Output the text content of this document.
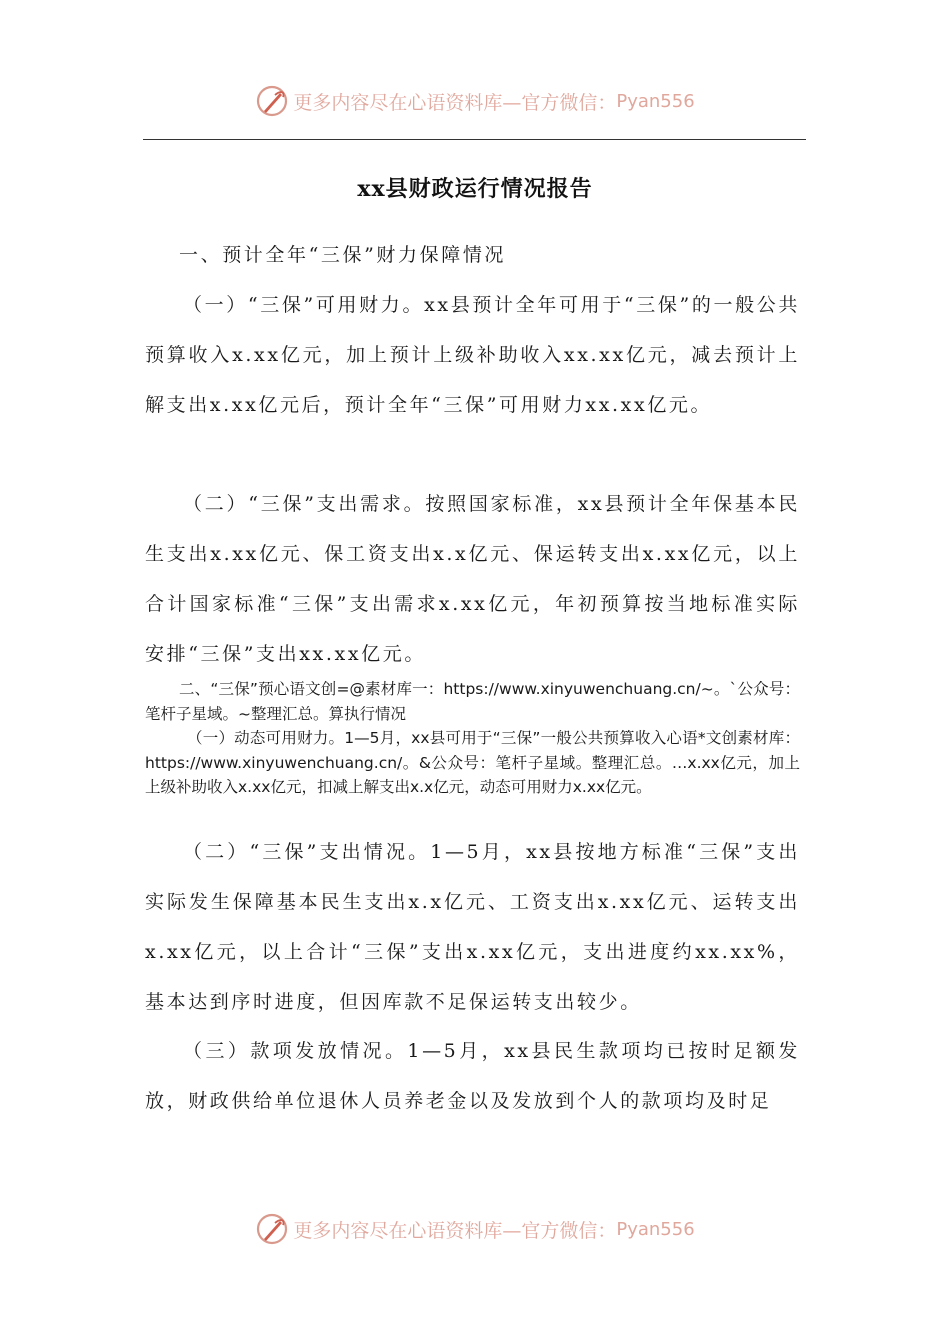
更多内容尽在心语资料库—官方微信： Pyan556
xx县财政运行情况报告

一、预计全年“三保”财力保障情况

（一）“三保”可用财力。xx县预计全年可用于“三保”的一般公共预算收入x.xx亿元，加上预计上级补助收入xx.xx亿元，减去预计上解支出x.xx亿元后，预计全年“三保”可用财力xx.xx亿元。

（二）“三保”支出需求。按照国家标准，xx县预计全年保基本民生支出x.xx亿元、保工资支出x.x亿元、保运转支出x.xx亿元，以上合计国家标准“三保”支出需求x.xx亿元，年初预算按当地标准实际安排“三保”支出xx.xx亿元。

二、“三保”预心语文创=@素材库一：https://www.xinyuwenchuang.cn/~。`公众号：笔杆子星域。~整理汇总。算执行情况

（一）动态可用财力。1—5月，xx县可用于“三保”一般公共预算收入心语*文创素材库：https://www.xinyuwenchuang.cn/。&公众号：笔杆子星域。整理汇总。…x.xx亿元，加上上级补助收入x.xx亿元，扣减上解支出x.x亿元，动态可用财力x.xx亿元。

（二）“三保”支出情况。1—5月，xx县按地方标准“三保”支出实际发生保障基本民生支出x.x亿元、工资支出x.xx亿元、运转支出x.xx亿元，以上合计“三保”支出x.xx亿元，支出进度约xx.xx%，基本达到序时进度，但因库款不足保运转支出较少。

（三）款项发放情况。1—5月，xx县民生款项均已按时足额发放，财政供给单位退休人员养老金以及发放到个人的款项均及时足

更多内容尽在心语资料库—官方微信： Pyan556
